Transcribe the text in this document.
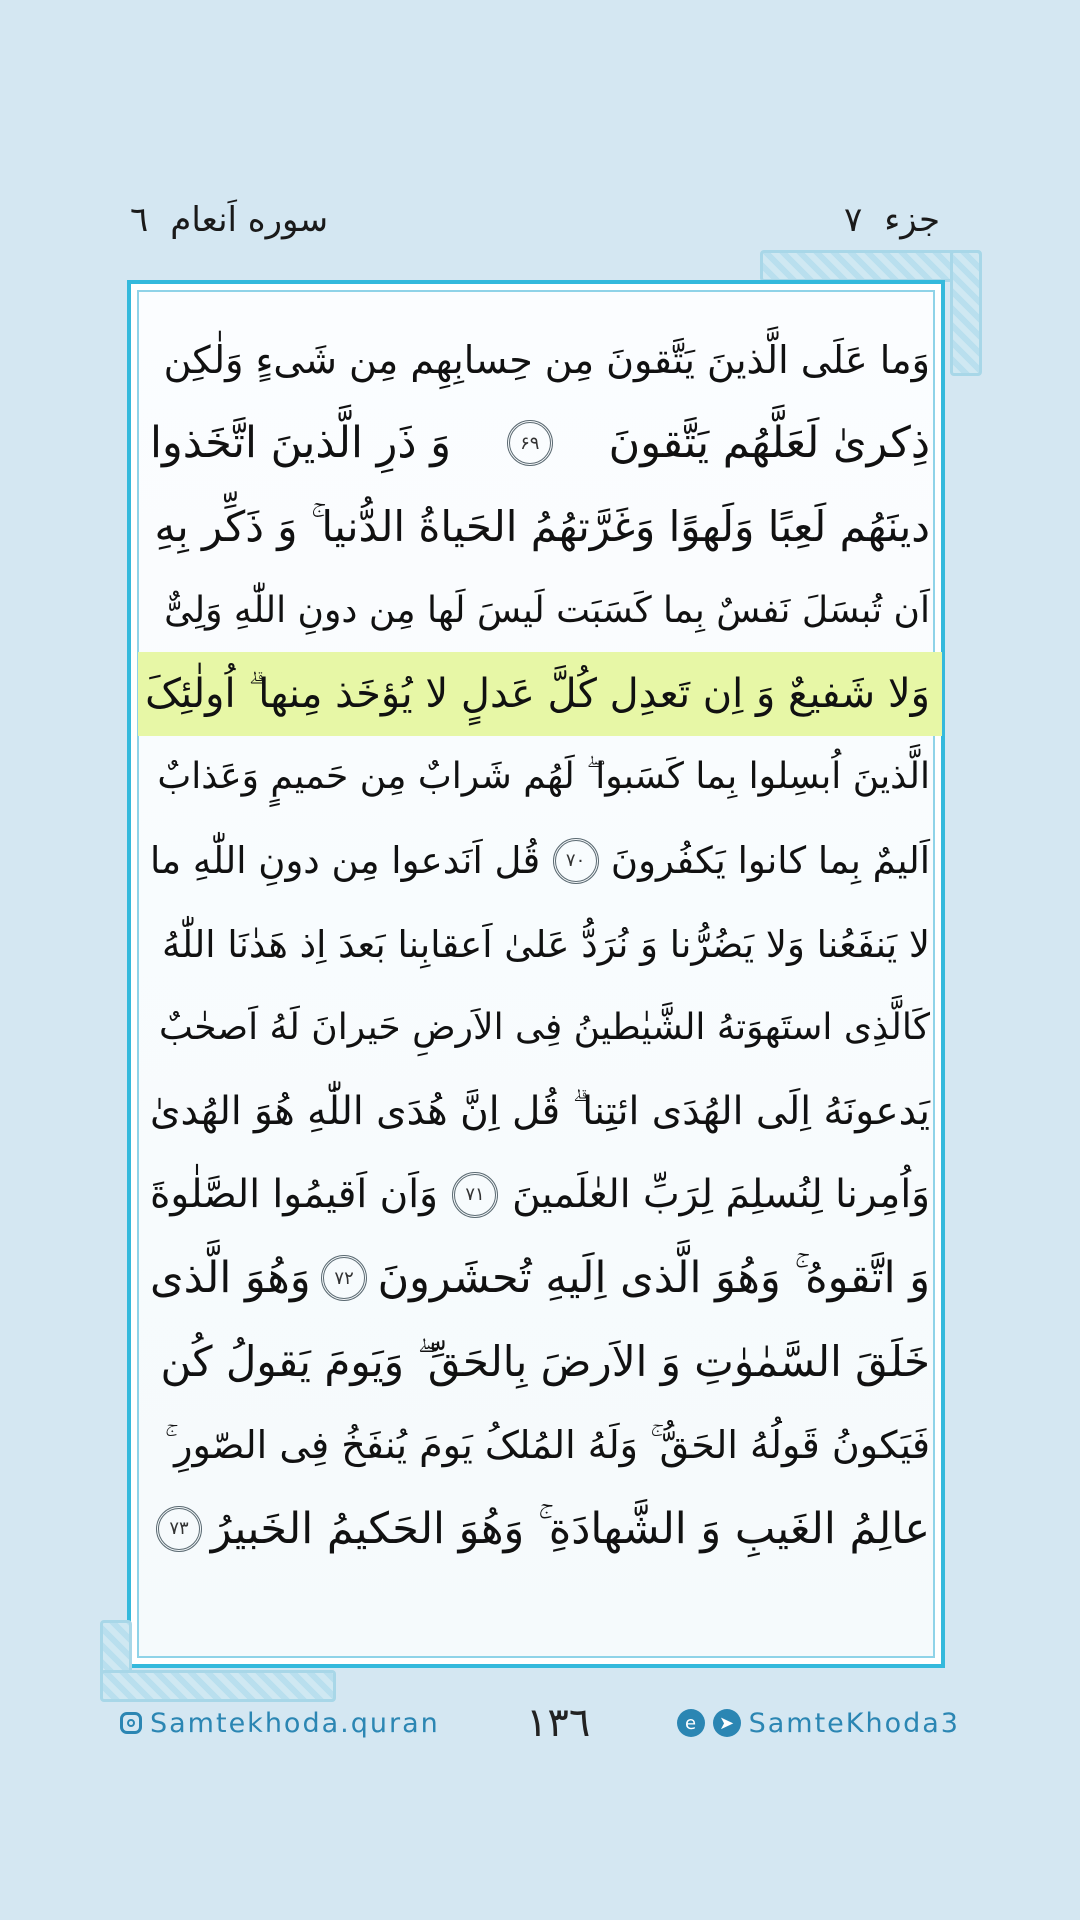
جزء
۷
سوره اَنعام
٦
وَما عَلَی الَّذینَ یَتَّقونَ مِن حِسابِهِم مِن شَیءٍ وَلٰکِن
ذِکریٰ لَعَلَّهُم یَتَّقونَ
۶۹
وَ ذَرِ الَّذینَ اتَّخَذوا
دینَهُم لَعِبًا وَلَهوًا وَغَرَّتهُمُ الحَیاةُ الدُّنیا ۚ وَ ذَکِّر بِهِ
اَن تُبسَلَ نَفسٌ بِما کَسَبَت لَیسَ لَها مِن دونِ اللّٰهِ وَلِیٌّ
وَلا شَفیعٌ وَ اِن تَعدِل کُلَّ عَدلٍ لا یُؤخَذ مِنها ۗ اُولٰئِکَ
الَّذینَ اُبسِلوا بِما کَسَبوا ۖ لَهُم شَرابٌ مِن حَمیمٍ وَعَذابٌ
اَلیمٌ بِما کانوا یَکفُرونَ
۷۰
قُل اَنَدعوا مِن دونِ اللّٰهِ ما
لا یَنفَعُنا وَلا یَضُرُّنا وَ نُرَدُّ عَلیٰ اَعقابِنا بَعدَ اِذ هَدٰنَا اللّٰهُ
کَالَّذِی استَهوَتهُ الشَّیٰطینُ فِی الاَرضِ حَیرانَ لَهُ اَصحٰبٌ
یَدعونَهُ اِلَی الهُدَی ائتِنا ۗ قُل اِنَّ هُدَی اللّٰهِ هُوَ الهُدیٰ
وَاُمِرنا لِنُسلِمَ لِرَبِّ العٰلَمینَ
۷۱
وَاَن اَقیمُوا الصَّلٰوةَ
وَ اتَّقوهُ ۚ وَهُوَ الَّذی اِلَیهِ تُحشَرونَ
۷۲
وَهُوَ الَّذی
خَلَقَ السَّمٰوٰتِ وَ الاَرضَ بِالحَقِّ ۖ وَیَومَ یَقولُ کُن
فَیَکونُ قَولُهُ الحَقُّ ۚ وَلَهُ المُلکُ یَومَ یُنفَخُ فِی الصّورِ ۚ
عالِمُ الغَیبِ وَ الشَّهادَةِ ۚ وَهُوَ الحَکیمُ الخَبیرُ
۷۳
Samtekhoda.quran ۱۳٦	e	➤ SamteKhoda3
